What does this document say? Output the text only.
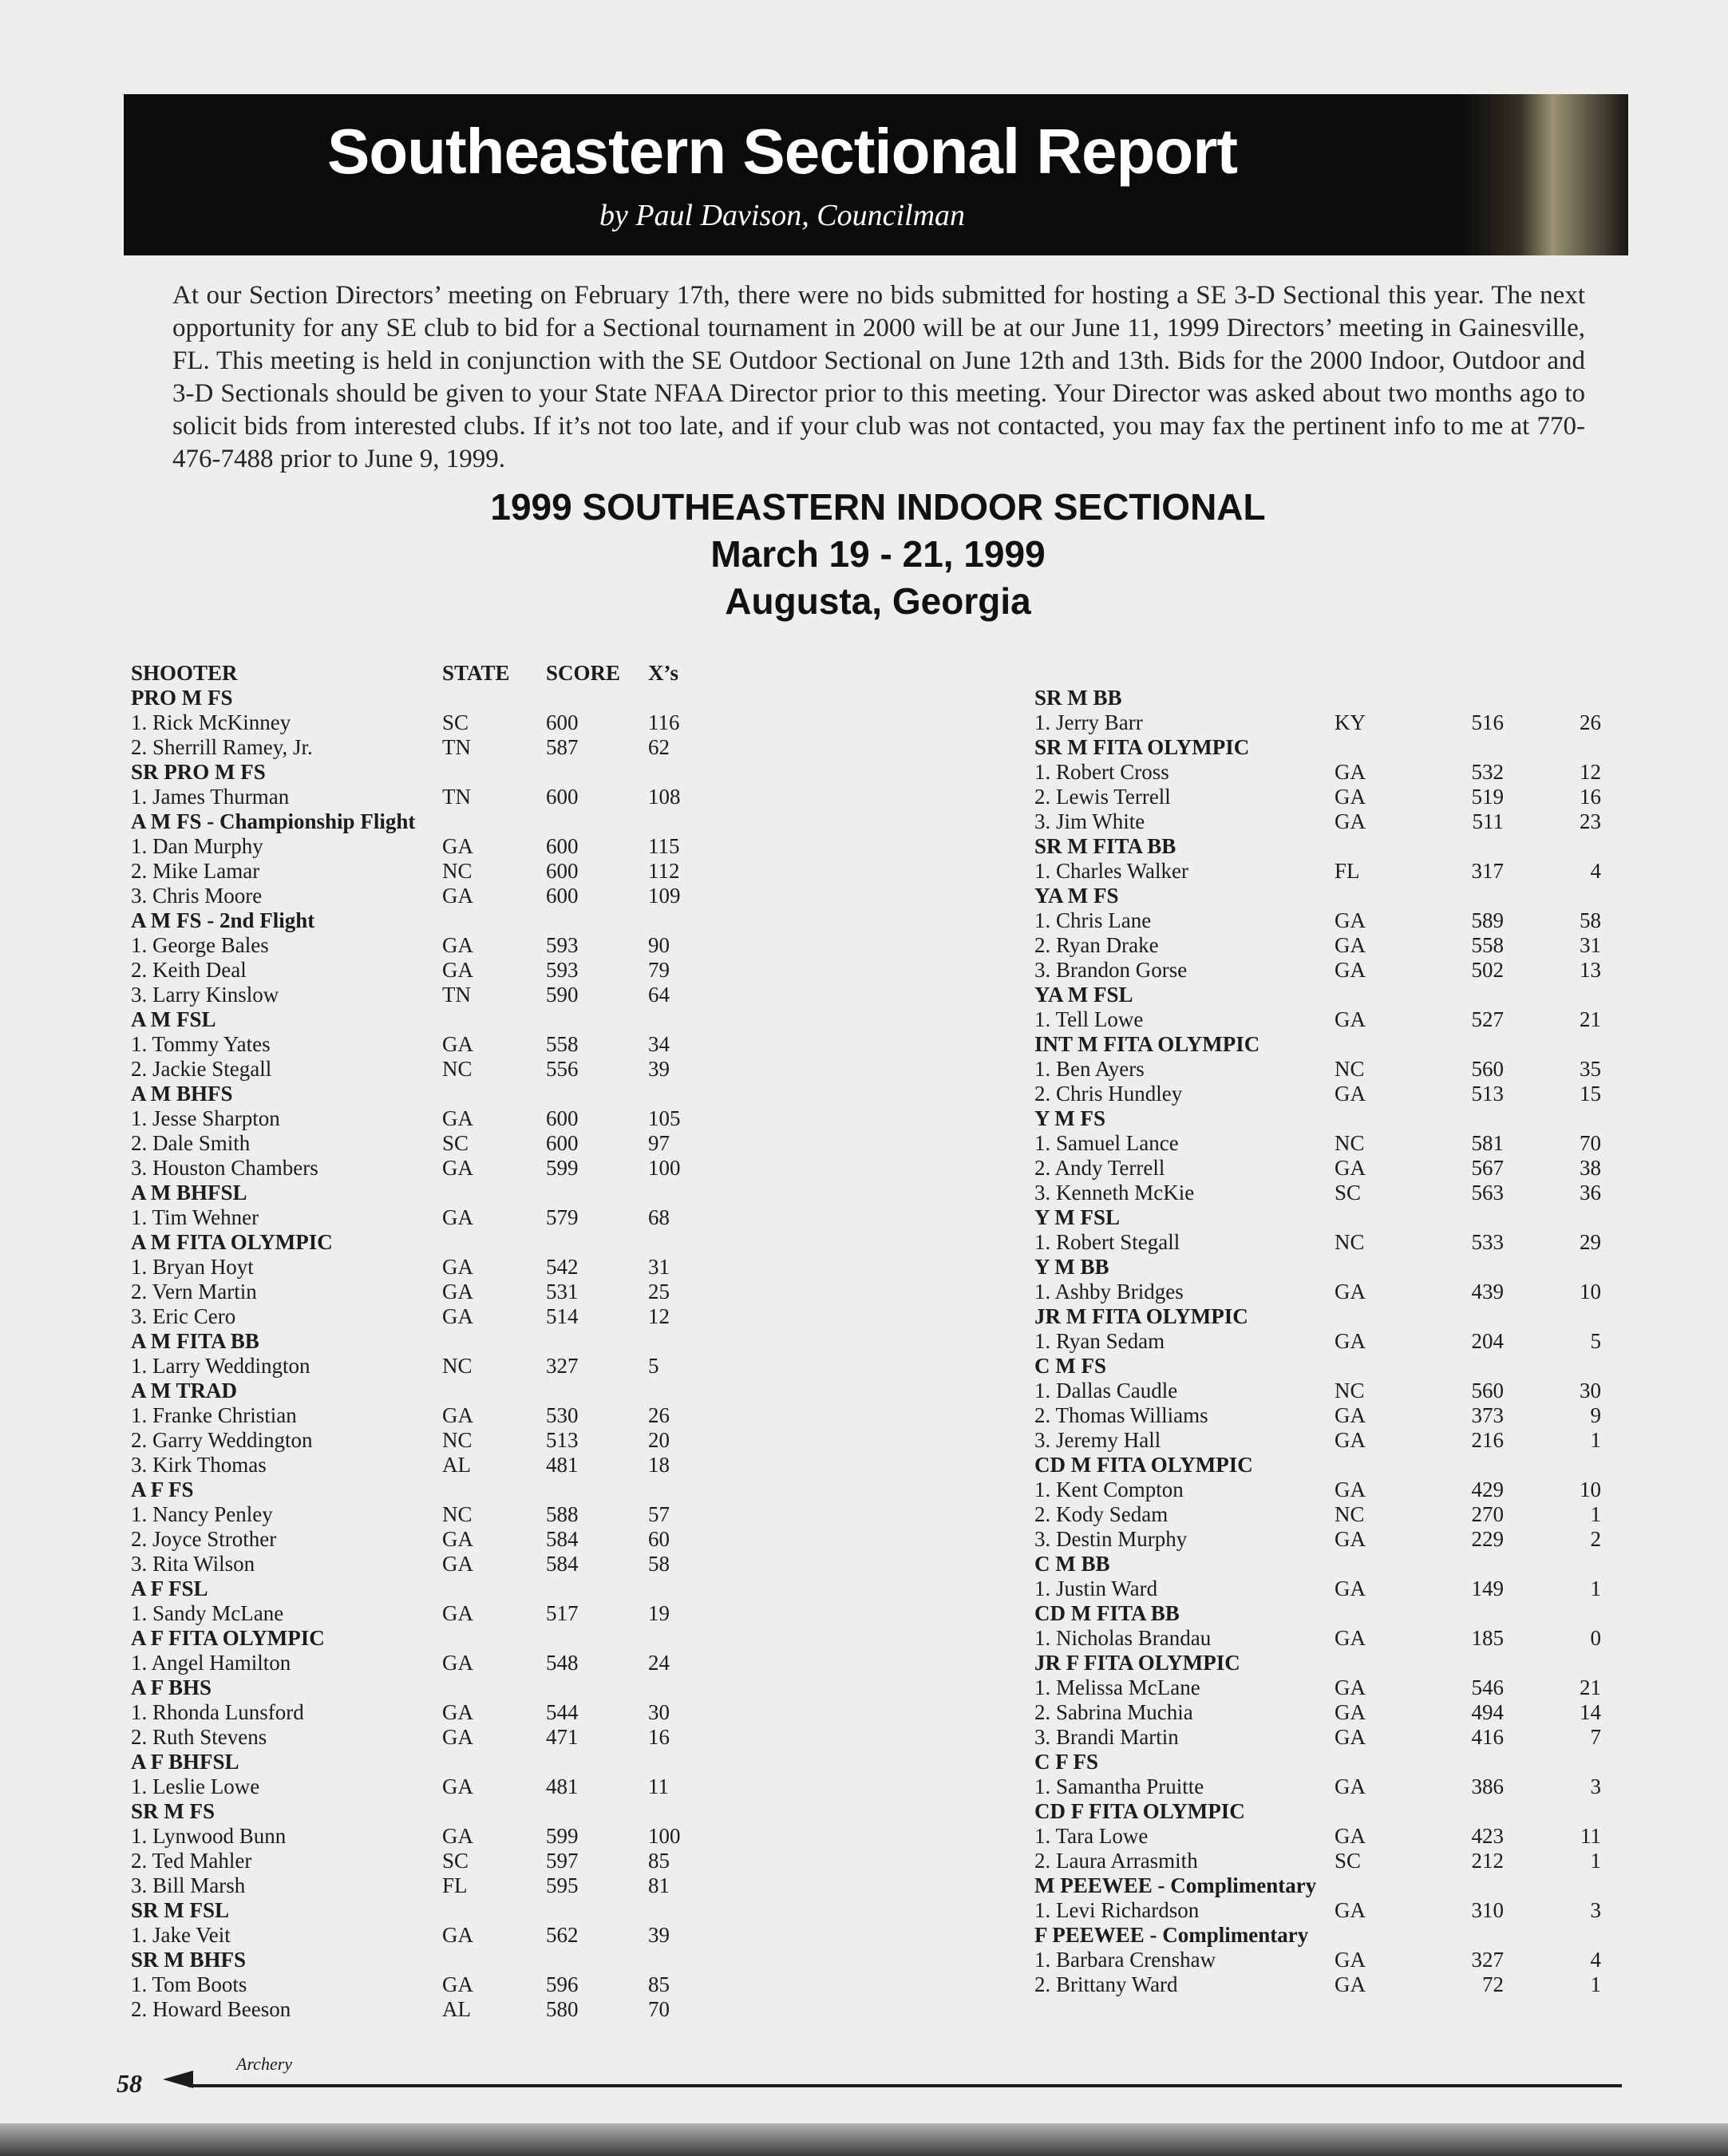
Southeastern Sectional Report
by Paul Davison, Councilman
At our Section Directors’ meeting on February 17th, there were no bids submitted for hosting a SE 3-D Sectional this year. The next opportunity for any SE club to bid for a Sectional tournament in 2000 will be at our June 11, 1999 Directors’ meeting in Gainesville, FL. This meeting is held in conjunction with the SE Outdoor Sectional on June 12th and 13th. Bids for the 2000 Indoor, Outdoor and 3-D Sectionals should be given to your State NFAA Director prior to this meeting. Your Director was asked about two months ago to solicit bids from interested clubs. If it’s not too late, and if your club was not contacted, you may fax the pertinent info to me at 770-476-7488 prior to June 9, 1999.
1999 SOUTHEASTERN INDOOR SECTIONAL
March 19 - 21, 1999
Augusta, Georgia
SHOOTER	STATE SCORE X’s
PRO M FS
1. Rick McKinney	SC	600	116
2. Sherrill Ramey, Jr.	TN	587	62
SR PRO M FS
1. James Thurman	TN	600	108
A M FS - Championship Flight
1. Dan Murphy	GA	600	115
2. Mike Lamar	NC	600	112
3. Chris Moore	GA	600	109
A M FS - 2nd Flight
1. George Bales	GA	593	90
2. Keith Deal	GA	593	79
3. Larry Kinslow	TN	590	64
A M FSL
1. Tommy Yates	GA	558	34
2. Jackie Stegall	NC	556	39
A M BHFS
1. Jesse Sharpton	GA	600	105
2. Dale Smith	SC	600	97
3. Houston Chambers	GA	599	100
A M BHFSL
1. Tim Wehner	GA	579	68
A M FITA OLYMPIC
1. Bryan Hoyt	GA	542	31
2. Vern Martin	GA	531	25
3. Eric Cero	GA	514	12
A M FITA BB
1. Larry Weddington	NC	327	5
A M TRAD
1. Franke Christian	GA	530	26
2. Garry Weddington	NC	513	20
3. Kirk Thomas	AL	481	18
A F FS
1. Nancy Penley	NC	588	57
2. Joyce Strother	GA	584	60
3. Rita Wilson	GA	584	58
A F FSL
1. Sandy McLane	GA	517	19
A F FITA OLYMPIC
1. Angel Hamilton	GA	548	24
A F BHS
1. Rhonda Lunsford	GA	544	30
2. Ruth Stevens	GA	471	16
A F BHFSL
1. Leslie Lowe	GA	481	11
SR M FS
1. Lynwood Bunn	GA	599	100
2. Ted Mahler	SC	597	85
3. Bill Marsh	FL	595	81
SR M FSL
1. Jake Veit	GA	562	39
SR M BHFS
1. Tom Boots	GA	596	85
2. Howard Beeson	AL	580	70
SR M BB
1. Jerry Barr	KY	516	26
SR M FITA OLYMPIC
1. Robert Cross	GA	532	12
2. Lewis Terrell	GA	519	16
3. Jim White	GA	511	23
SR M FITA BB
1. Charles Walker	FL	317	4
YA M FS
1. Chris Lane	GA	589	58
2. Ryan Drake	GA	558	31
3. Brandon Gorse	GA	502	13
YA M FSL
1. Tell Lowe	GA	527	21
INT M FITA OLYMPIC
1. Ben Ayers	NC	560	35
2. Chris Hundley	GA	513	15
Y M FS
1. Samuel Lance	NC	581	70
2. Andy Terrell	GA	567	38
3. Kenneth McKie	SC	563	36
Y M FSL
1. Robert Stegall	NC	533	29
Y M BB
1. Ashby Bridges	GA	439	10
JR M FITA OLYMPIC
1. Ryan Sedam	GA	204	5
C M FS
1. Dallas Caudle	NC	560	30
2. Thomas Williams	GA	373	9
3. Jeremy Hall	GA	216	1
CD M FITA OLYMPIC
1. Kent Compton	GA	429	10
2. Kody Sedam	NC	270	1
3. Destin Murphy	GA	229	2
C M BB
1. Justin Ward	GA	149	1
CD M FITA BB
1. Nicholas Brandau	GA	185	0
JR F FITA OLYMPIC
1. Melissa McLane	GA	546	21
2. Sabrina Muchia	GA	494	14
3. Brandi Martin	GA	416	7
C F FS
1. Samantha Pruitte	GA	386	3
CD F FITA OLYMPIC
1. Tara Lowe	GA	423	11
2. Laura Arrasmith	SC	212	1
M PEEWEE - Complimentary
1. Levi Richardson	GA	310	3
F PEEWEE - Complimentary
1. Barbara Crenshaw	GA	327	4
2. Brittany Ward	GA	72	1
58
Archery
